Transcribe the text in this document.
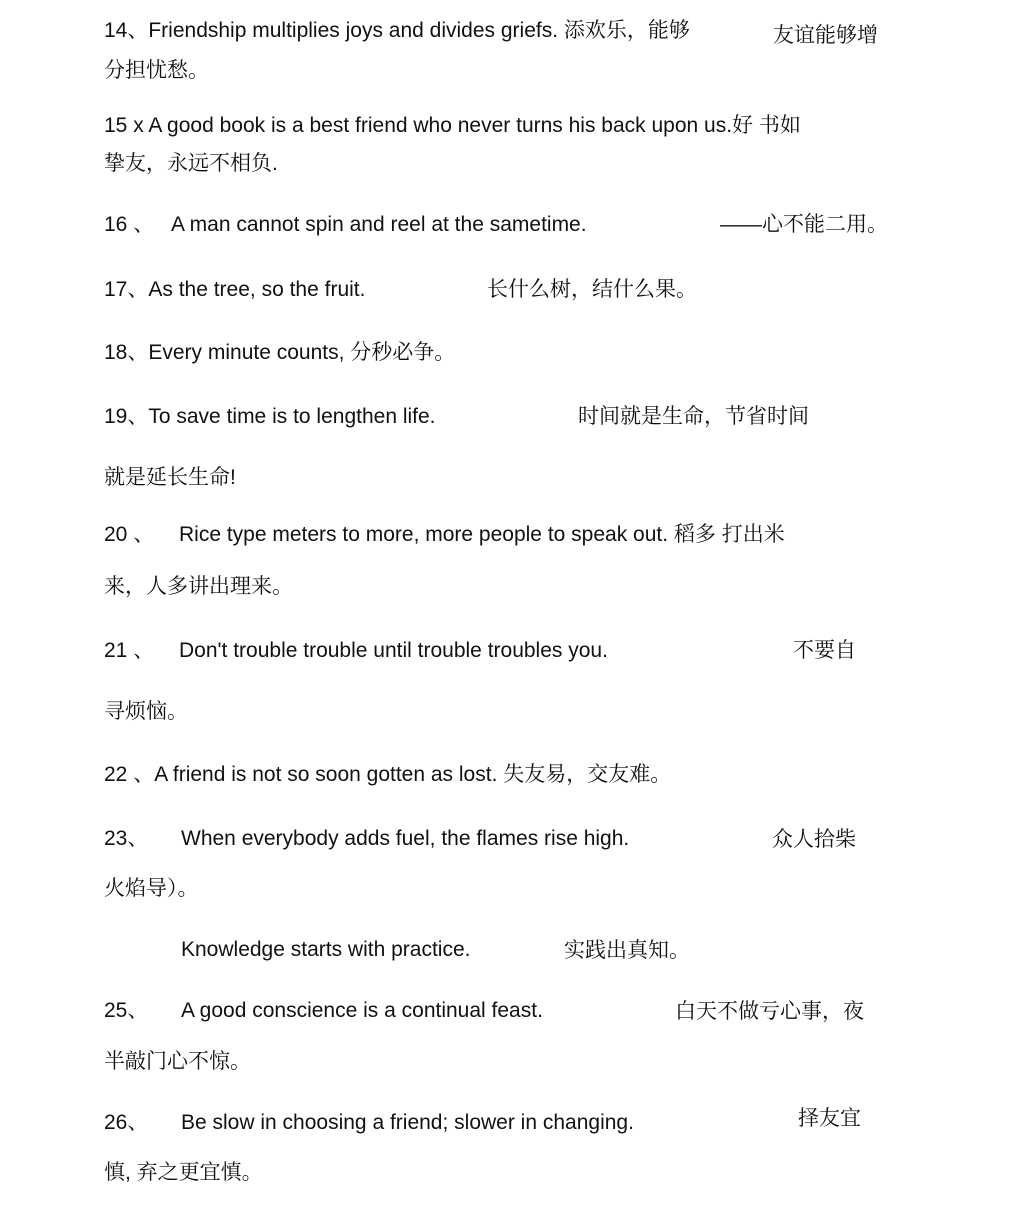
14、Friendship multiplies joys and divides griefs. 添欢乐，能够	友谊能够增
分担忧愁。
15 x A good book is a best friend who never turns his back upon us.好 书如
挚友，永远不相负.
16 、 A man cannot spin and reel at the sametime.	——心不能二用。
17、As the tree, so the fruit.	长什么树，结什么果。
18、Every minute counts, 分秒必争。
19、To save time is to lengthen life.	时间就是生命，节省时间
就是延长生命!
20 、 Rice type meters to more, more people to speak out. 稻多 打出米
来，人多讲出理来。
21 、 Don't trouble trouble until trouble troubles you.	不要自
寻烦恼。
22 、A friend is not so soon gotten as lost. 失友易，交友难。
23、 When everybody adds fuel, the flames rise high.	众人拾柴
火焰导）。
Knowledge starts with practice.	实践出真知。
25、 A good conscience is a continual feast.	白天不做亏心事，夜
半敲门心不惊。
26、 Be slow in choosing a friend; slower in changing.	择友宜
慎, 弃之更宜慎。
